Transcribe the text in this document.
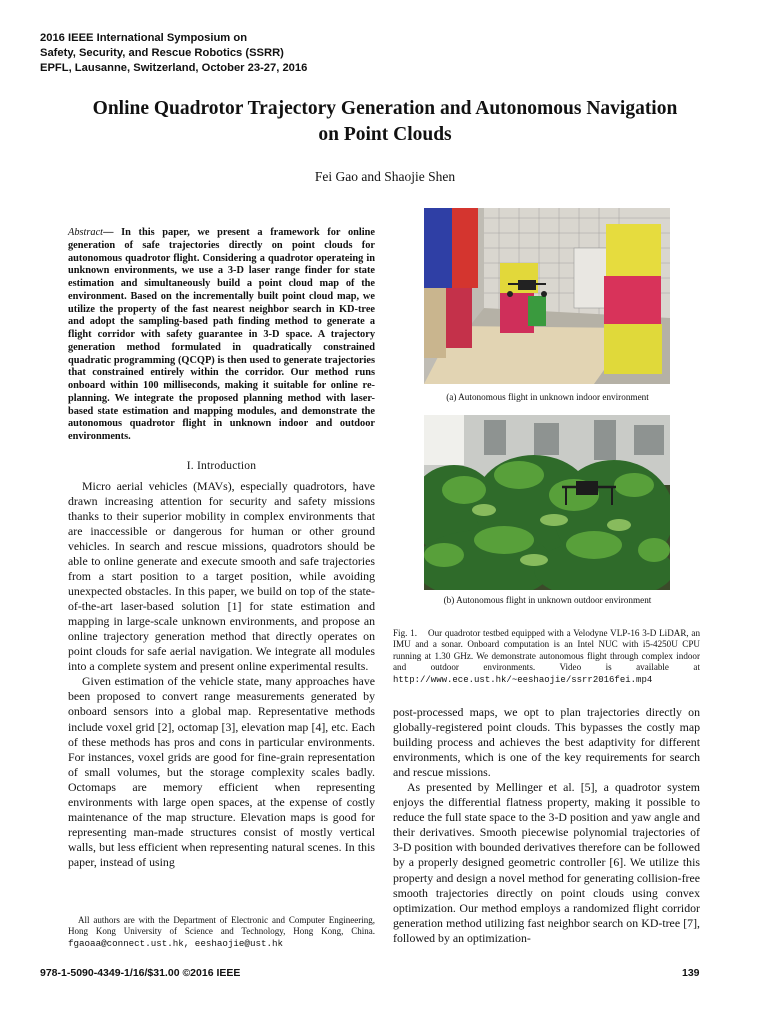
2016 IEEE International Symposium on
Safety, Security, and Rescue Robotics (SSRR)
EPFL, Lausanne, Switzerland, October 23-27, 2016
Online Quadrotor Trajectory Generation and Autonomous Navigation
on Point Clouds
Fei Gao and Shaojie Shen
Abstract— In this paper, we present a framework for online generation of safe trajectories directly on point clouds for autonomous quadrotor flight. Considering a quadrotor operateing in unknown environments, we use a 3-D laser range finder for state estimation and simultaneously build a point cloud map of the environment. Based on the incrementally built point cloud map, we utilize the property of the fast nearest neighbor search in KD-tree and adopt the sampling-based path finding method to generate a flight corridor with safety guarantee in 3-D space. A trajectory generation method formulated in quadratically constrained quadratic programming (QCQP) is then used to generate trajectories that constrained entirely within the corridor. Our method runs onboard within 100 milliseconds, making it suitable for online re-planning. We integrate the proposed planning method with laser-based state estimation and mapping modules, and demonstrate the autonomous quadrotor flight in unknown indoor and outdoor environments.
I. Introduction

Micro aerial vehicles (MAVs), especially quadrotors, have drawn increasing attention for security and safety missions thanks to their superior mobility in complex environments that are inaccessible or dangerous for human or other ground vehicles. In search and rescue missions, quadrotors should be able to online generate and execute smooth and safe trajectories from a start position to a target position, while avoiding unexpected obstacles. In this paper, we build on top of the state-of-the-art laser-based solution [1] for state estimation and mapping in large-scale unknown environments, and propose an online trajectory generation method that directly operates on point clouds for safe aerial navigation. We integrate all modules into a complete system and present online experimental results.

Given estimation of the vehicle state, many approaches have been proposed to convert range measurements generated by onboard sensors into a global map. Representative methods include voxel grid [2], octomap [3], elevation map [4], etc. Each of these methods has pros and cons in particular environments. For instances, voxel grids are good for fine-grain representation of small volumes, but the storage complexity scales badly. Octomaps are memory efficient when representing environments with large open spaces, at the expense of costly maintenance of the map structure. Elevation maps is good for representing man-made structures consist of mostly vertical walls, but less efficient when representing natural scenes. In this paper, instead of using

All authors are with the Department of Electronic and Computer Engineering, Hong Kong University of Science and Technology, Hong Kong, China. fgaoaa@connect.ust.hk, eeshaojie@ust.hk
(a) Autonomous flight in unknown indoor environment
(b) Autonomous flight in unknown outdoor environment
Fig. 1. Our quadrotor testbed equipped with a Velodyne VLP-16 3-D LiDAR, an IMU and a sonar. Onboard computation is an Intel NUC with i5-4250U CPU running at 1.30 GHz. We demonstrate autonomous flight through complex indoor and outdoor environments. Video is available at http://www.ece.ust.hk/~eeshaojie/ssrr2016fei.mp4

post-processed maps, we opt to plan trajectories directly on globally-registered point clouds. This bypasses the costly map building process and achieves the best adaptivity for different environments, which is one of the key requirements for search and rescue missions.

As presented by Mellinger et al. [5], a quadrotor system enjoys the differential flatness property, making it possible to reduce the full state space to the 3-D position and yaw angle and their derivatives. Smooth piecewise polynomial trajectories of 3-D position with bounded derivatives therefore can be followed by a properly designed geometric controller [6]. We utilize this property and design a novel method for generating collision-free smooth trajectories directly on point clouds using convex optimization. Our method employs a randomized flight corridor generation method utilizing fast neighbor search on KD-tree [7], followed by an optimization-

978-1-5090-4349-1/16/$31.00 ©2016 IEEE	139
